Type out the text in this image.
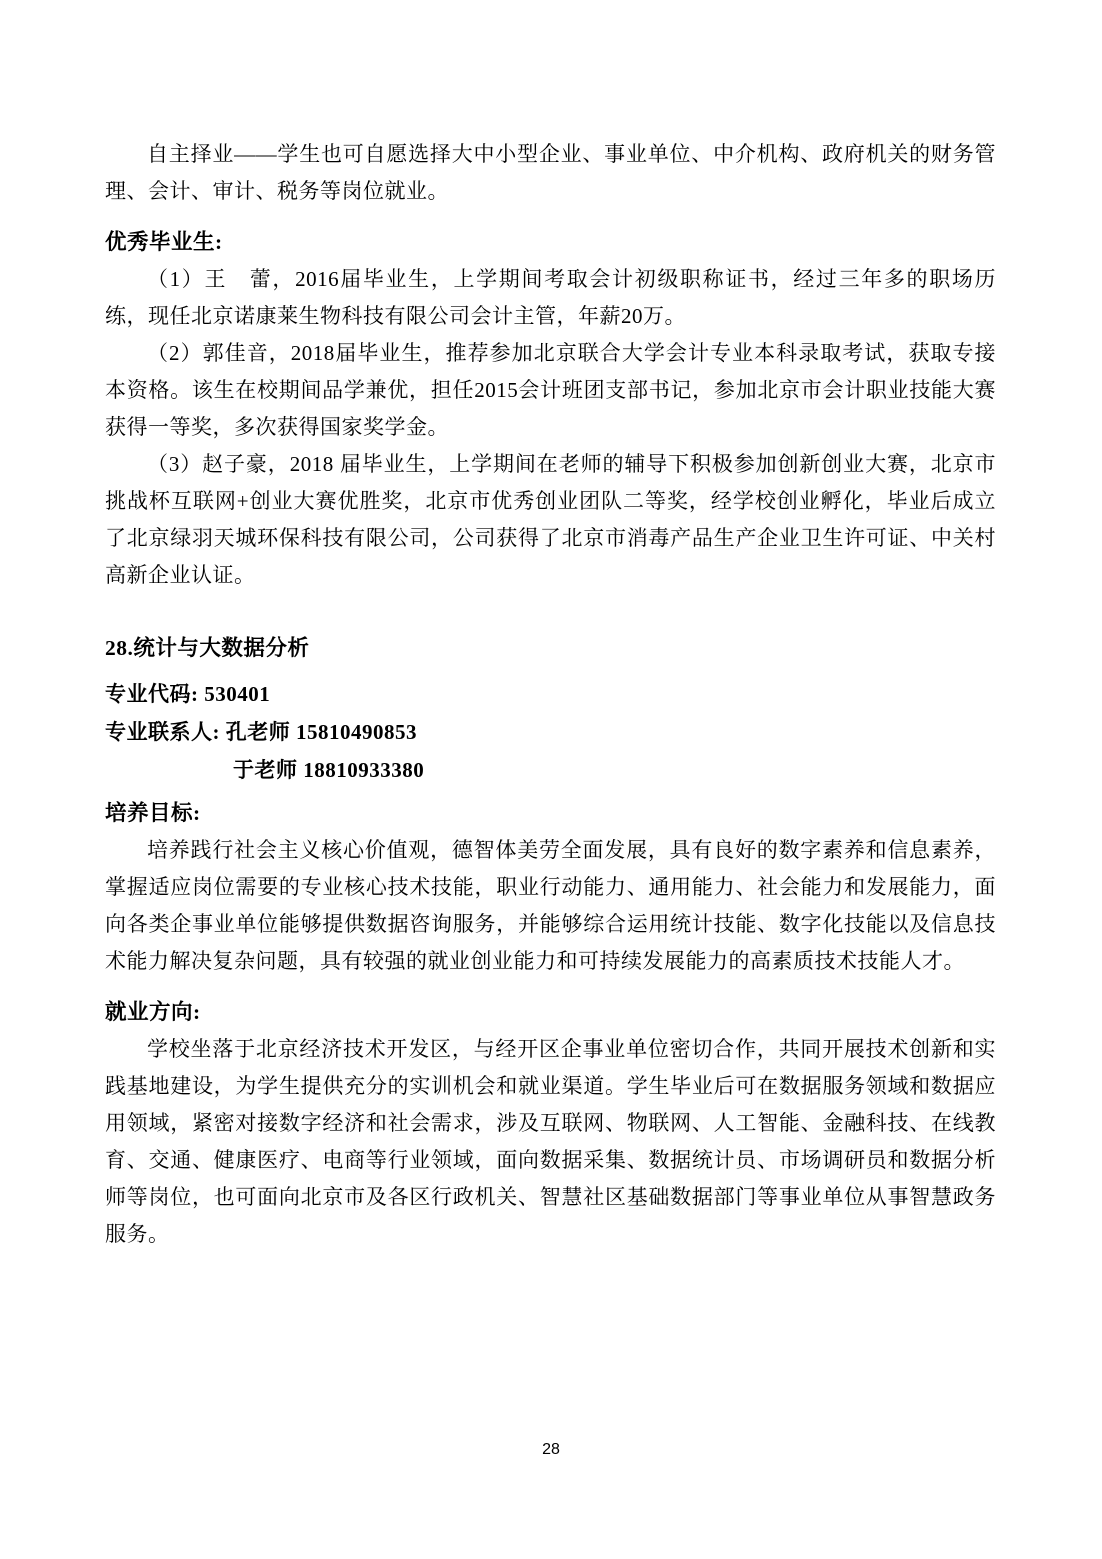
自主择业——学生也可自愿选择大中小型企业、事业单位、中介机构、政府机关的财务管理、会计、审计、税务等岗位就业。

优秀毕业生:

（1）王　蕾，2016届毕业生，上学期间考取会计初级职称证书，经过三年多的职场历练，现任北京诺康莱生物科技有限公司会计主管，年薪20万。

（2）郭佳音，2018届毕业生，推荐参加北京联合大学会计专业本科录取考试，获取专接本资格。该生在校期间品学兼优，担任2015会计班团支部书记，参加北京市会计职业技能大赛获得一等奖，多次获得国家奖学金。

（3）赵子豪，2018 届毕业生，上学期间在老师的辅导下积极参加创新创业大赛，北京市挑战杯互联网+创业大赛优胜奖，北京市优秀创业团队二等奖，经学校创业孵化，毕业后成立了北京绿羽天城环保科技有限公司，公司获得了北京市消毒产品生产企业卫生许可证、中关村高新企业认证。

28.统计与大数据分析

专业代码: 530401

专业联系人: 孔老师 15810490853

于老师 18810933380

培养目标:

培养践行社会主义核心价值观，德智体美劳全面发展，具有良好的数字素养和信息素养，掌握适应岗位需要的专业核心技术技能，职业行动能力、通用能力、社会能力和发展能力，面向各类企事业单位能够提供数据咨询服务，并能够综合运用统计技能、数字化技能以及信息技术能力解决复杂问题，具有较强的就业创业能力和可持续发展能力的高素质技术技能人才。

就业方向:

学校坐落于北京经济技术开发区，与经开区企事业单位密切合作，共同开展技术创新和实践基地建设，为学生提供充分的实训机会和就业渠道。学生毕业后可在数据服务领域和数据应用领域，紧密对接数字经济和社会需求，涉及互联网、物联网、人工智能、金融科技、在线教育、交通、健康医疗、电商等行业领域，面向数据采集、数据统计员、市场调研员和数据分析师等岗位，也可面向北京市及各区行政机关、智慧社区基础数据部门等事业单位从事智慧政务服务。

28
